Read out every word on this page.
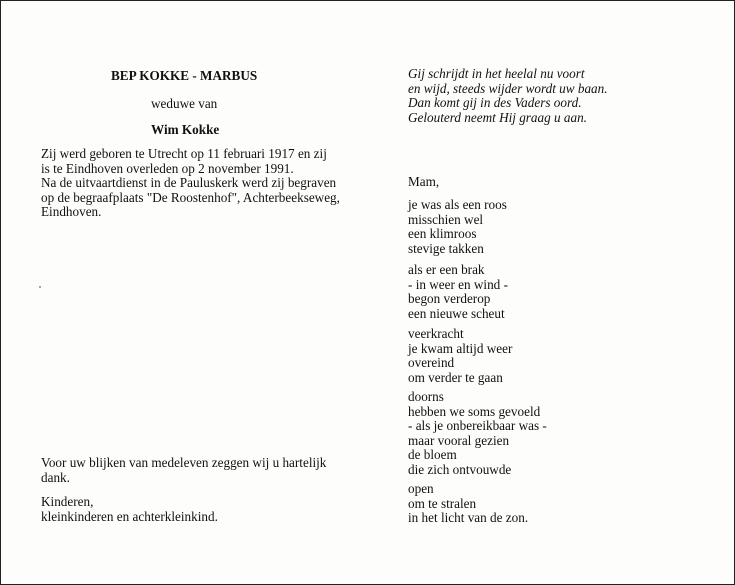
BEP KOKKE - MARBUS
weduwe van
Wim Kokke
Zij werd geboren te Utrecht op 11 februari 1917 en zij
is te Eindhoven overleden op 2 november 1991.
Na de uitvaartdienst in de Pauluskerk werd zij begraven
op de begraafplaats "De Roostenhof", Achterbeekseweg,
Eindhoven.
Voor uw blijken van medeleven zeggen wij u hartelijk
dank.
Kinderen,
kleinkinderen en achterkleinkind.
Gij schrijdt in het heelal nu voort
en wijd, steeds wijder wordt uw baan.
Dan komt gij in des Vaders oord.
Gelouterd neemt Hij graag u aan.
Mam,
je was als een roos
misschien wel
een klimroos
stevige takken
als er een brak
- in weer en wind -
begon verderop
een nieuwe scheut
veerkracht
je kwam altijd weer
overeind
om verder te gaan
doorns
hebben we soms gevoeld
- als je onbereikbaar was -
maar vooral gezien
de bloem
die zich ontvouwde
open
om te stralen
in het licht van de zon.
